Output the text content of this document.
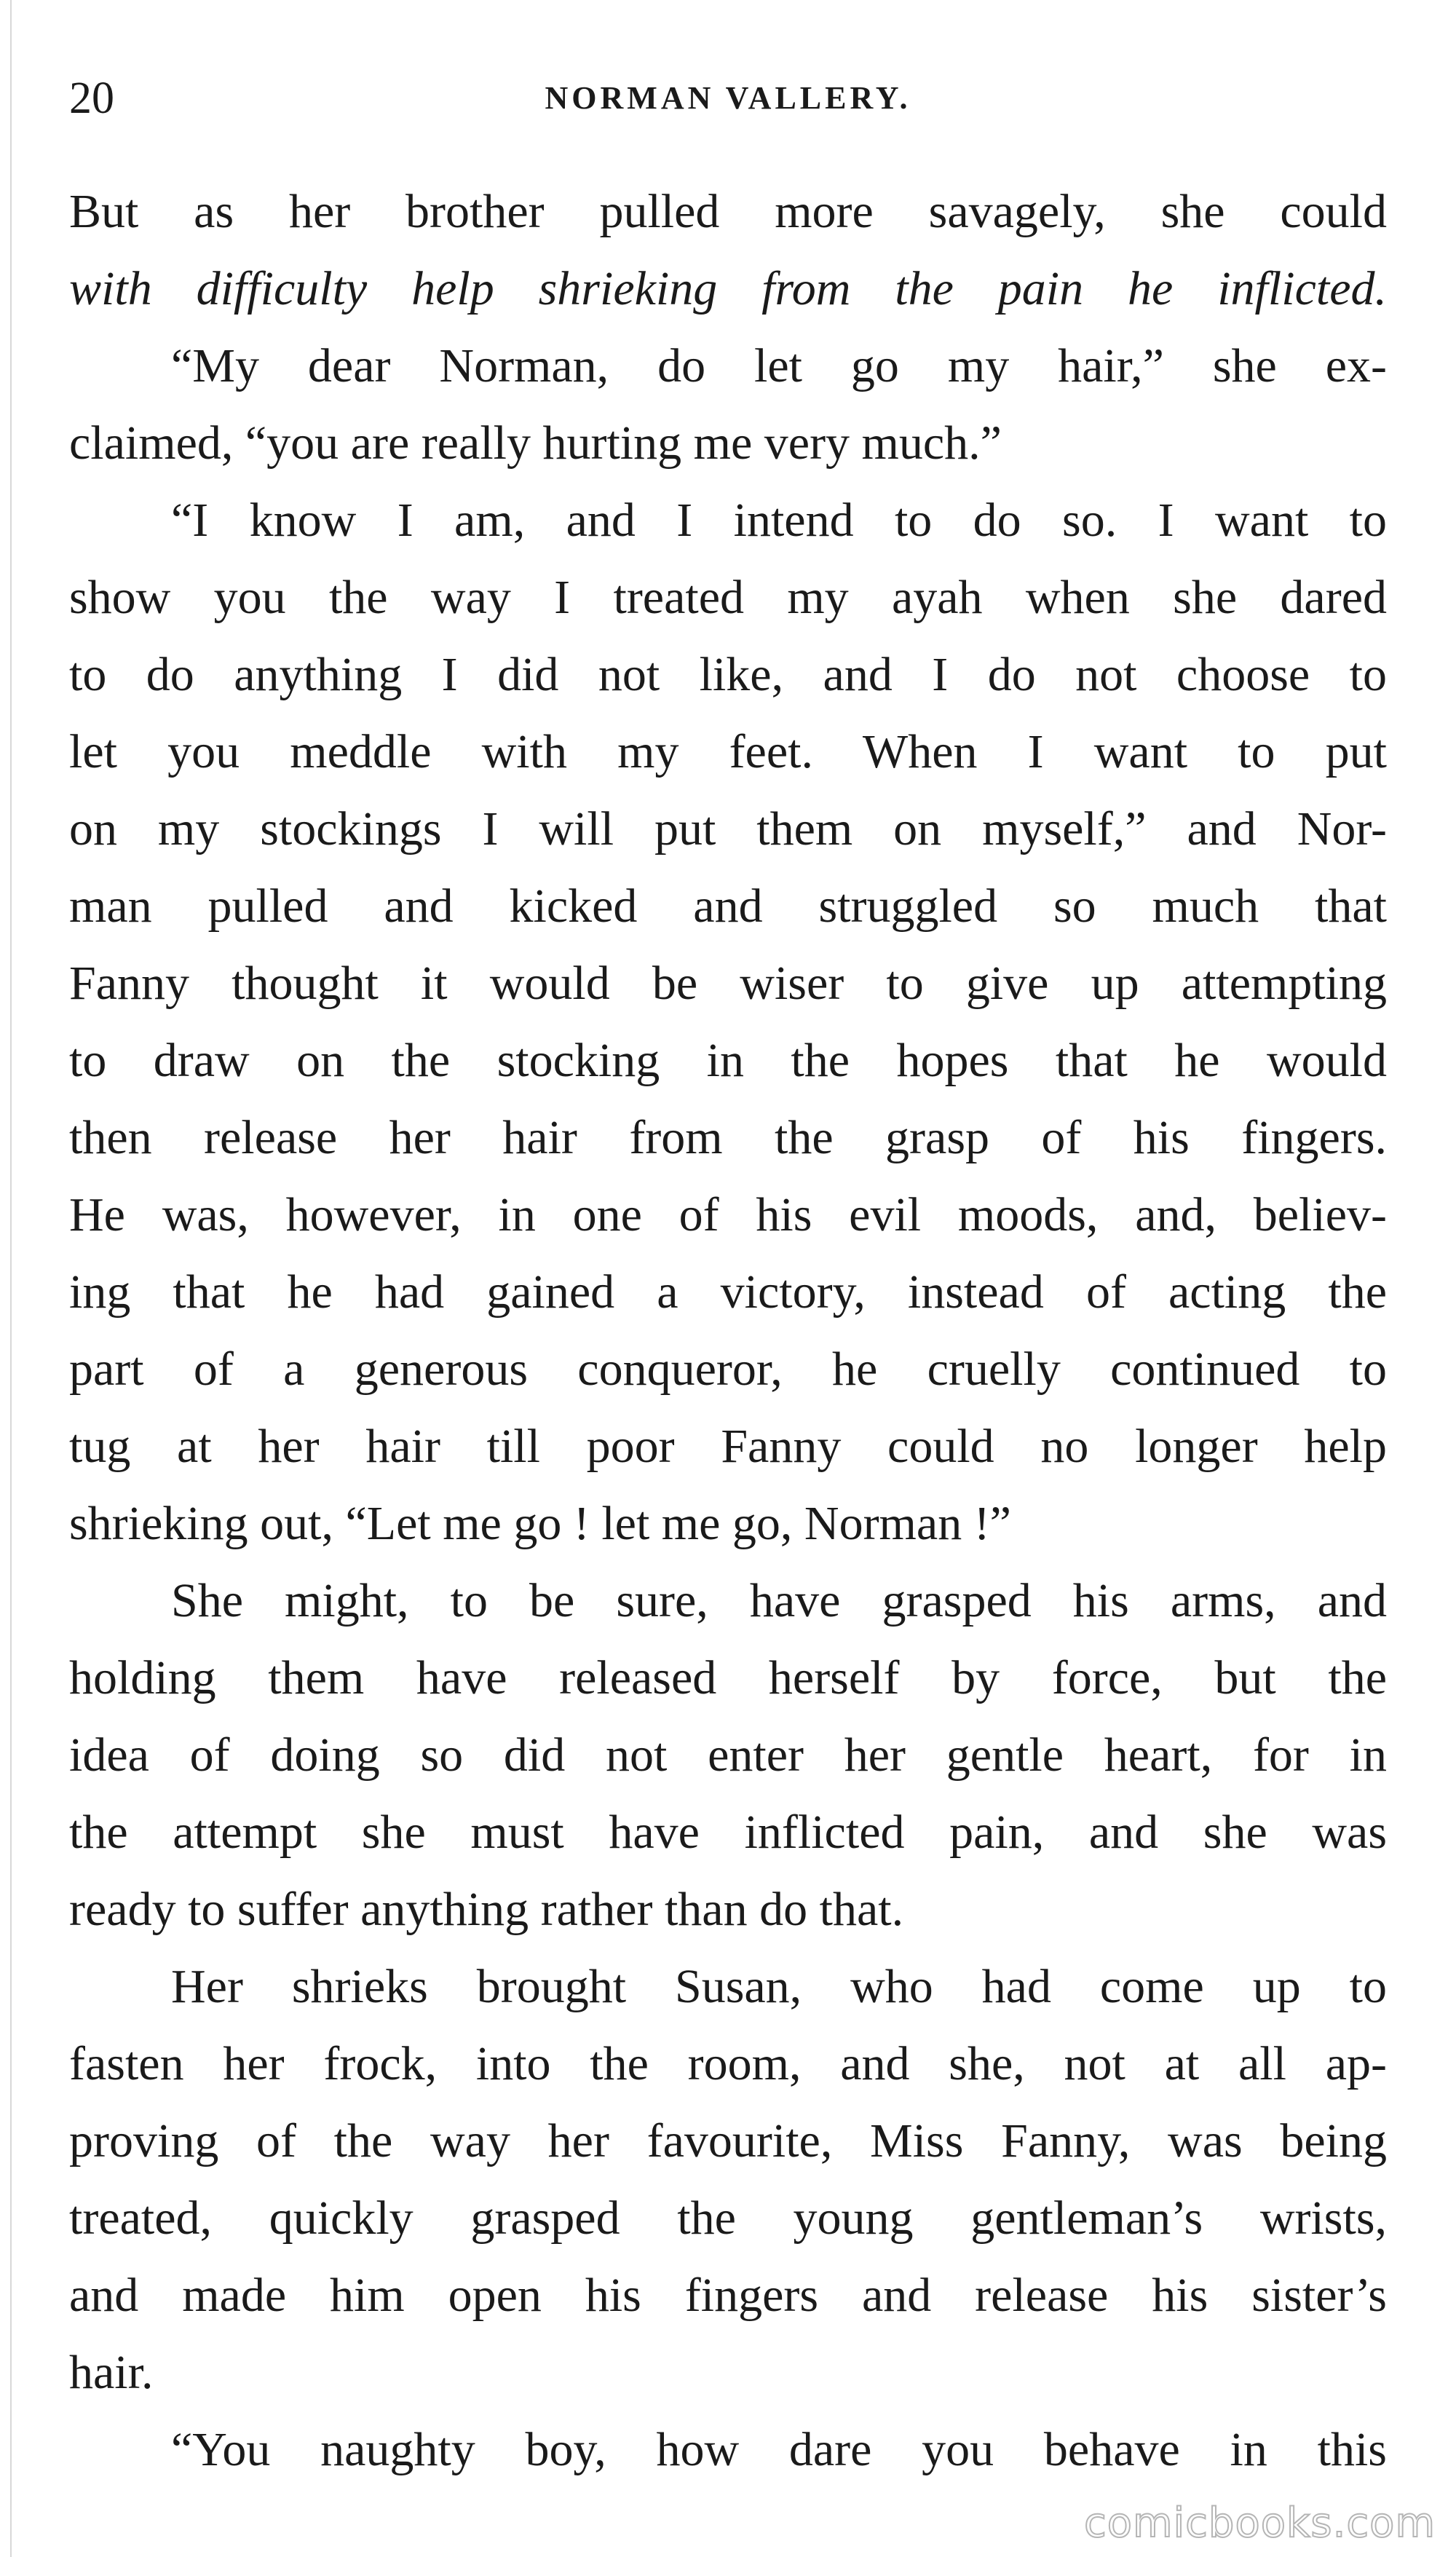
20	NORMAN VALLERY.
But as her brother pulled more savagely, she could
with difficulty help shrieking from the pain he inflicted.
“My dear Norman, do let go my hair,” she ex-
claimed, “you are really hurting me very much.”
“I know I am, and I intend to do so. I want to
show you the way I treated my ayah when she dared
to do anything I did not like, and I do not choose to
let you meddle with my feet. When I want to put
on my stockings I will put them on myself,” and Nor-
man pulled and kicked and struggled so much that
Fanny thought it would be wiser to give up attempting
to draw on the stocking in the hopes that he would
then release her hair from the grasp of his fingers.
He was, however, in one of his evil moods, and, believ-
ing that he had gained a victory, instead of acting the
part of a generous conqueror, he cruelly continued to
tug at her hair till poor Fanny could no longer help
shrieking out, “Let me go ! let me go, Norman !”
She might, to be sure, have grasped his arms, and
holding them have released herself by force, but the
idea of doing so did not enter her gentle heart, for in
the attempt she must have inflicted pain, and she was
ready to suffer anything rather than do that.
Her shrieks brought Susan, who had come up to
fasten her frock, into the room, and she, not at all ap-
proving of the way her favourite, Miss Fanny, was being
treated, quickly grasped the young gentleman’s wrists,
and made him open his fingers and release his sister’s
hair.
“You naughty boy, how dare you behave in this
comicbooks.com
